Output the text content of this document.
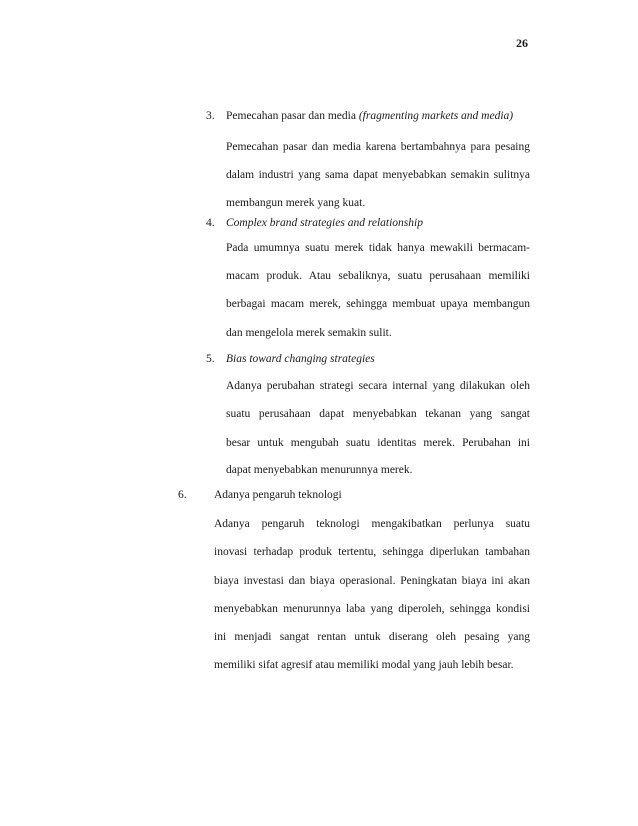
26
3. Pemecahan pasar dan media (fragmenting markets and media)
Pemecahan pasar dan media karena bertambahnya para pesaing
dalam industri yang sama dapat menyebabkan semakin sulitnya
membangun merek yang kuat.
4. Complex brand strategies and relationship
Pada umumnya suatu merek tidak hanya mewakili bermacam-
macam produk. Atau sebaliknya, suatu perusahaan memiliki
berbagai macam merek, sehingga membuat upaya membangun
dan mengelola merek semakin sulit.
5. Bias toward changing strategies
Adanya perubahan strategi secara internal yang dilakukan oleh
suatu perusahaan dapat menyebabkan tekanan yang sangat
besar untuk mengubah suatu identitas merek. Perubahan ini
dapat menyebabkan menurunnya merek.
6. Adanya pengaruh teknologi
Adanya pengaruh teknologi mengakibatkan perlunya suatu
inovasi terhadap produk tertentu, sehingga diperlukan tambahan
biaya investasi dan biaya operasional. Peningkatan biaya ini akan
menyebabkan menurunnya laba yang diperoleh, sehingga kondisi
ini menjadi sangat rentan untuk diserang oleh pesaing yang
memiliki sifat agresif atau memiliki modal yang jauh lebih besar.
